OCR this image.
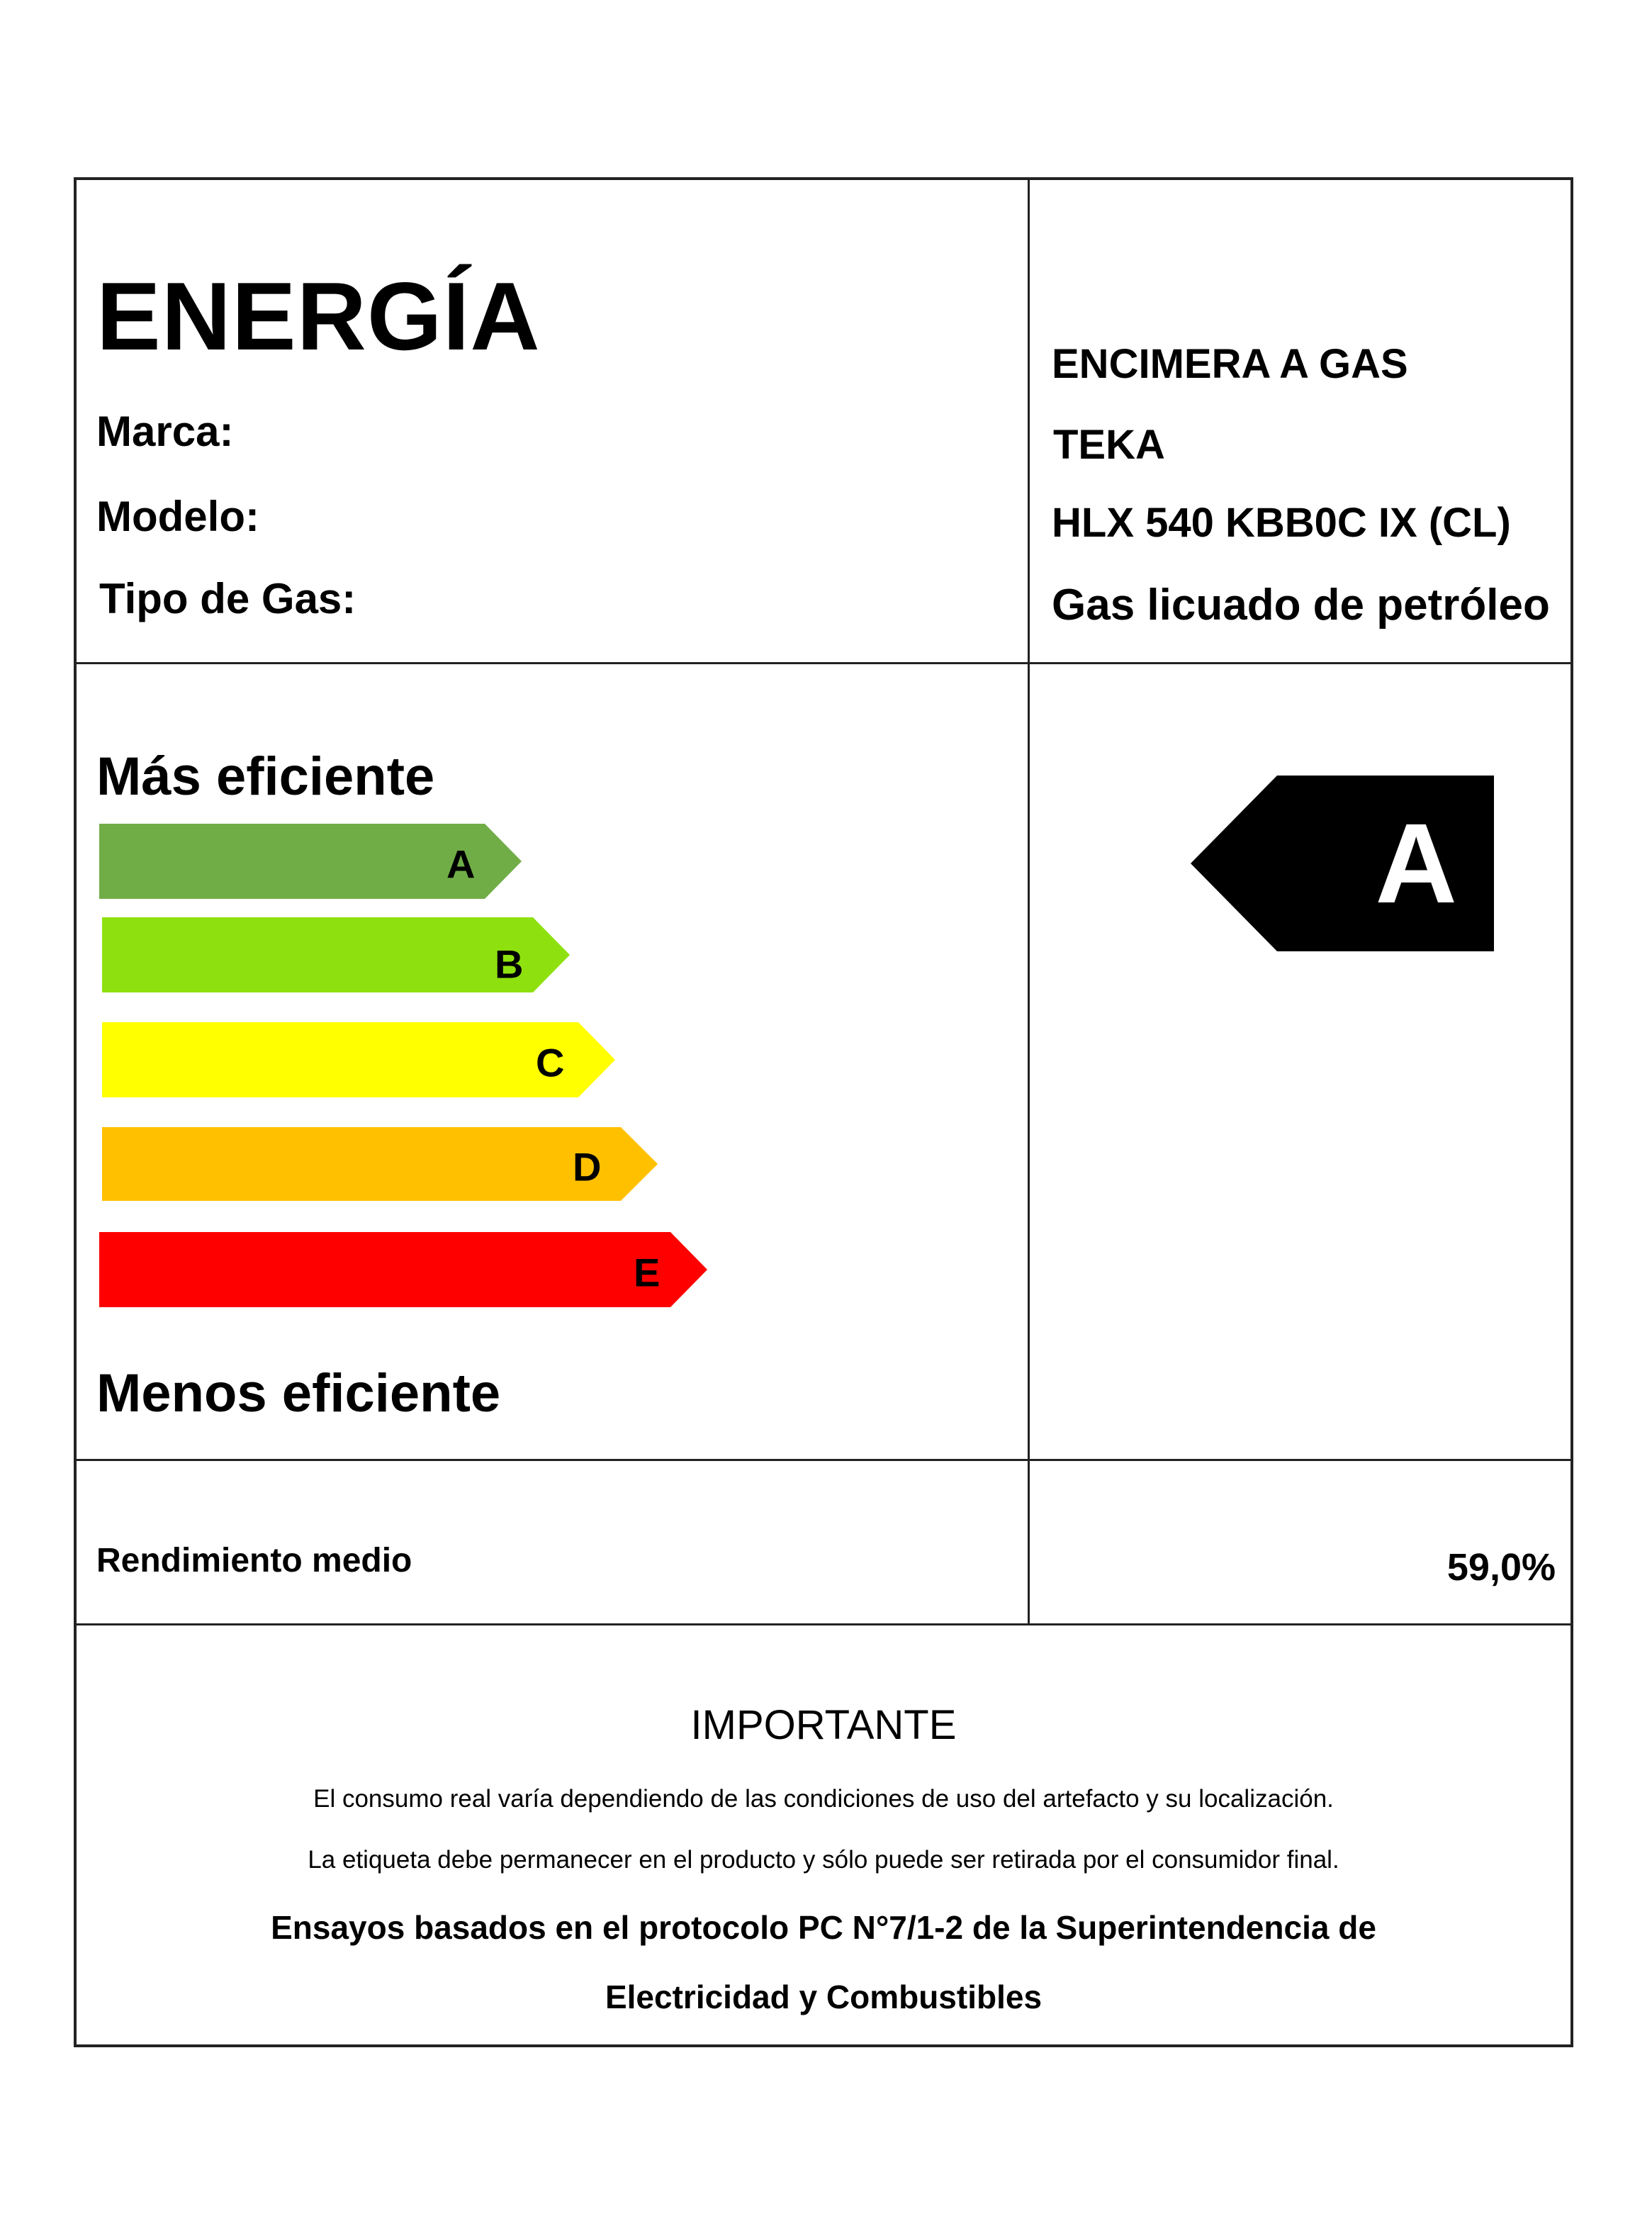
ENERGÍA
Marca:
Modelo:
Tipo de Gas:
ENCIMERA A GAS
TEKA
HLX 540 KBB0C IX (CL)
Gas licuado de petróleo
Más eficiente
A
B
C
D
E
Menos eficiente
A
Rendimiento medio	59,0%
IMPORTANTE
El consumo real varía dependiendo de las condiciones de uso del artefacto y su localización.
La etiqueta debe permanecer en el producto y sólo puede ser retirada por el consumidor final.
Ensayos basados en el protocolo PC N°7/1-2 de la Superintendencia de
Electricidad y Combustibles
